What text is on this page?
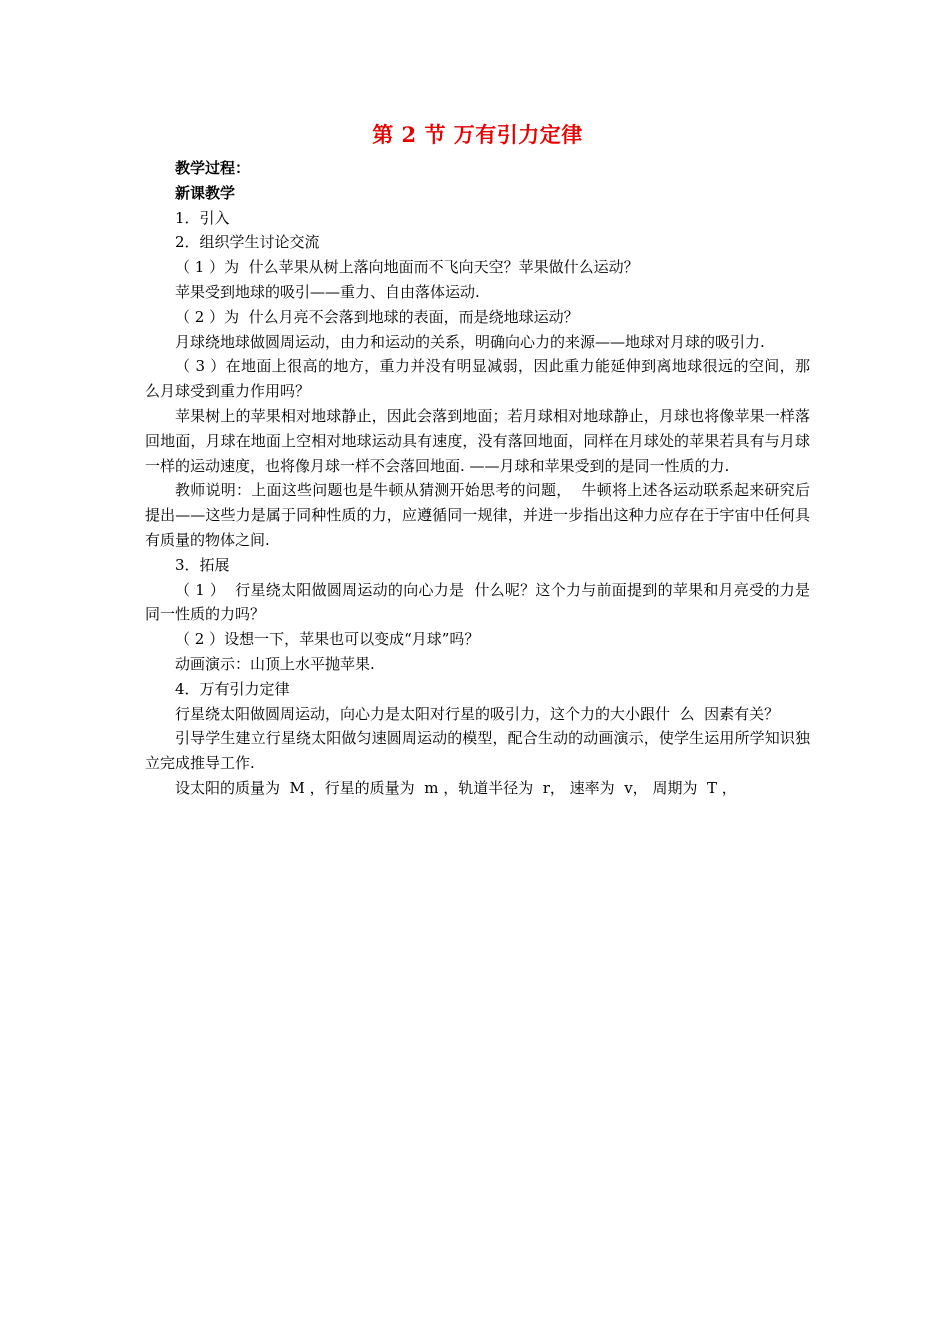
第 2 节 万有引力定律

教学过程：

新课教学

1．引入

2．组织学生讨论交流

（ 1 ）为  什么苹果从树上落向地面而不飞向天空？苹果做什么运动？

苹果受到地球的吸引——重力、自由落体运动.

（ 2 ）为  什么月亮不会落到地球的表面，而是绕地球运动？

月球绕地球做圆周运动，由力和运动的关系，明确向心力的来源——地球对月球的吸引力.

（ 3 ）在地面上很高的地方，重力并没有明显减弱，因此重力能延伸到离地球很远的空间，那  么月球受到重力作用吗？

苹果树上的苹果相对地球静止，因此会落到地面；若月球相对地球静止，月球也将像苹果一样落回地面，月球在地面上空相对地球运动具有速度，没有落回地面，同样在月球处的苹果若具有与月球一样的运动速度，也将像月球一样不会落回地面. ——月球和苹果受到的是同一性质的力.

教师说明：上面这些问题也是牛顿从猜测开始思考的问题，  牛顿将上述各运动联系起来研究后提出——这些力是属于同种性质的力，应遵循同一规律，并进一步指出这种力应存在于宇宙中任何具有质量的物体之间.

3．拓展

（ 1 ）  行星绕太阳做圆周运动的向心力是  什么呢？这个力与前面提到的苹果和月亮受的力是同一性质的力吗？

（ 2 ）设想一下，苹果也可以变成“月球”吗？

动画演示：山顶上水平抛苹果.

4．万有引力定律

行星绕太阳做圆周运动，向心力是太阳对行星的吸引力，这个力的大小跟什  么  因素有关？

引导学生建立行星绕太阳做匀速圆周运动的模型，配合生动的动画演示，使学生运用所学知识独立完成推导工作.

设太阳的质量为  M ，行星的质量为  m ，轨道半径为  r， 速率为  v， 周期为  T ，
